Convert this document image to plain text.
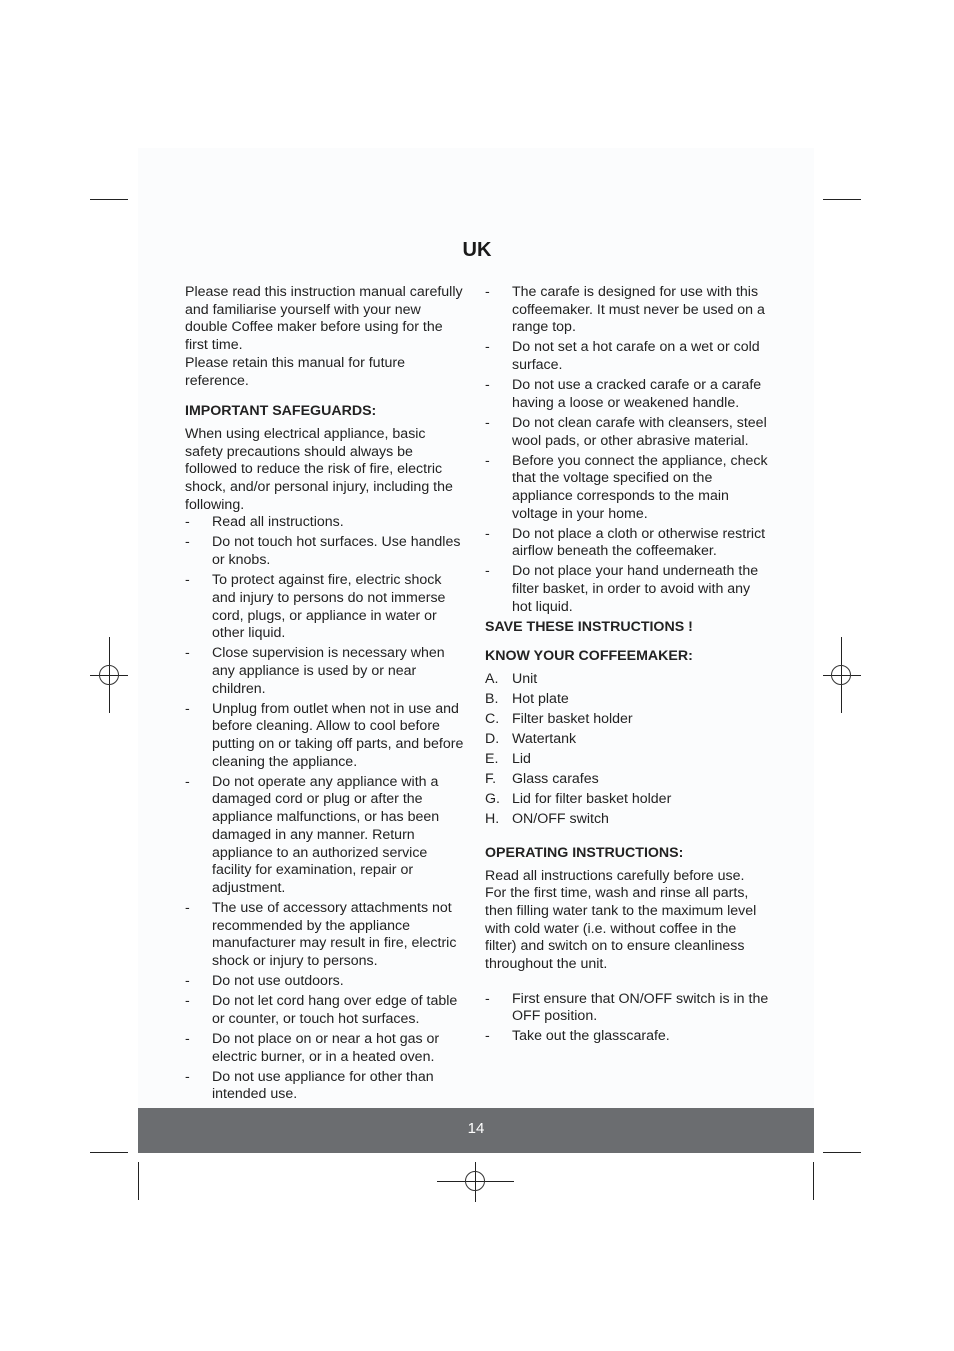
UK

Please read this instruction manual carefully and familiarise yourself with your new double Coffee maker before using for the first time.

Please retain this manual for future reference.

IMPORTANT SAFEGUARDS:

When using electrical appliance, basic safety precautions should always be followed to reduce the risk of fire, electric shock, and/or personal injury, including the following.

- Read all instructions.
- Do not touch hot surfaces. Use handles or knobs.
- To protect against fire, electric shock and injury to persons do not immerse cord, plugs, or appliance in water or other liquid.
- Close supervision is necessary when any appliance is used by or near children.
- Unplug from outlet when not in use and before cleaning. Allow to cool before putting on or taking off parts, and before cleaning the appliance.
- Do not operate any appliance with a damaged cord or plug or after the appliance malfunctions, or has been damaged in any manner. Return appliance to an authorized service facility for examination, repair or adjustment.
- The use of accessory attachments not recommended by the appliance manufacturer may result in fire, electric shock or injury to persons.
- Do not use outdoors.
- Do not let cord hang over edge of table or counter, or touch hot surfaces.
- Do not place on or near a hot gas or electric burner, or in a heated oven.
- Do not use appliance for other than intended use.
- The carafe is designed for use with this coffeemaker. It must never be used on a range top.
- Do not set a hot carafe on a wet or cold surface.
- Do not use a cracked carafe or a carafe having a loose or weakened handle.
- Do not clean carafe with cleansers, steel wool pads, or other abrasive material.
- Before you connect the appliance, check that the voltage specified on the appliance corresponds to the main voltage in your home.
- Do not place a cloth or otherwise restrict airflow beneath the coffeemaker.
- Do not place your hand underneath the filter basket, in order to avoid with any hot liquid.

SAVE THESE INSTRUCTIONS !

KNOW YOUR COFFEEMAKER:

A. Unit
B. Hot plate
C. Filter basket holder
D. Watertank
E. Lid
F. Glass carafes
G. Lid for filter basket holder
H. ON/OFF switch

OPERATING INSTRUCTIONS:

Read all instructions carefully before use. For the first time, wash and rinse all parts, then filling water tank to the maximum level with cold water (i.e. without coffee in the filter) and switch on to ensure cleanliness throughout the unit.

- First ensure that ON/OFF switch is in the OFF position.
- Take out the glasscarafe.
14
